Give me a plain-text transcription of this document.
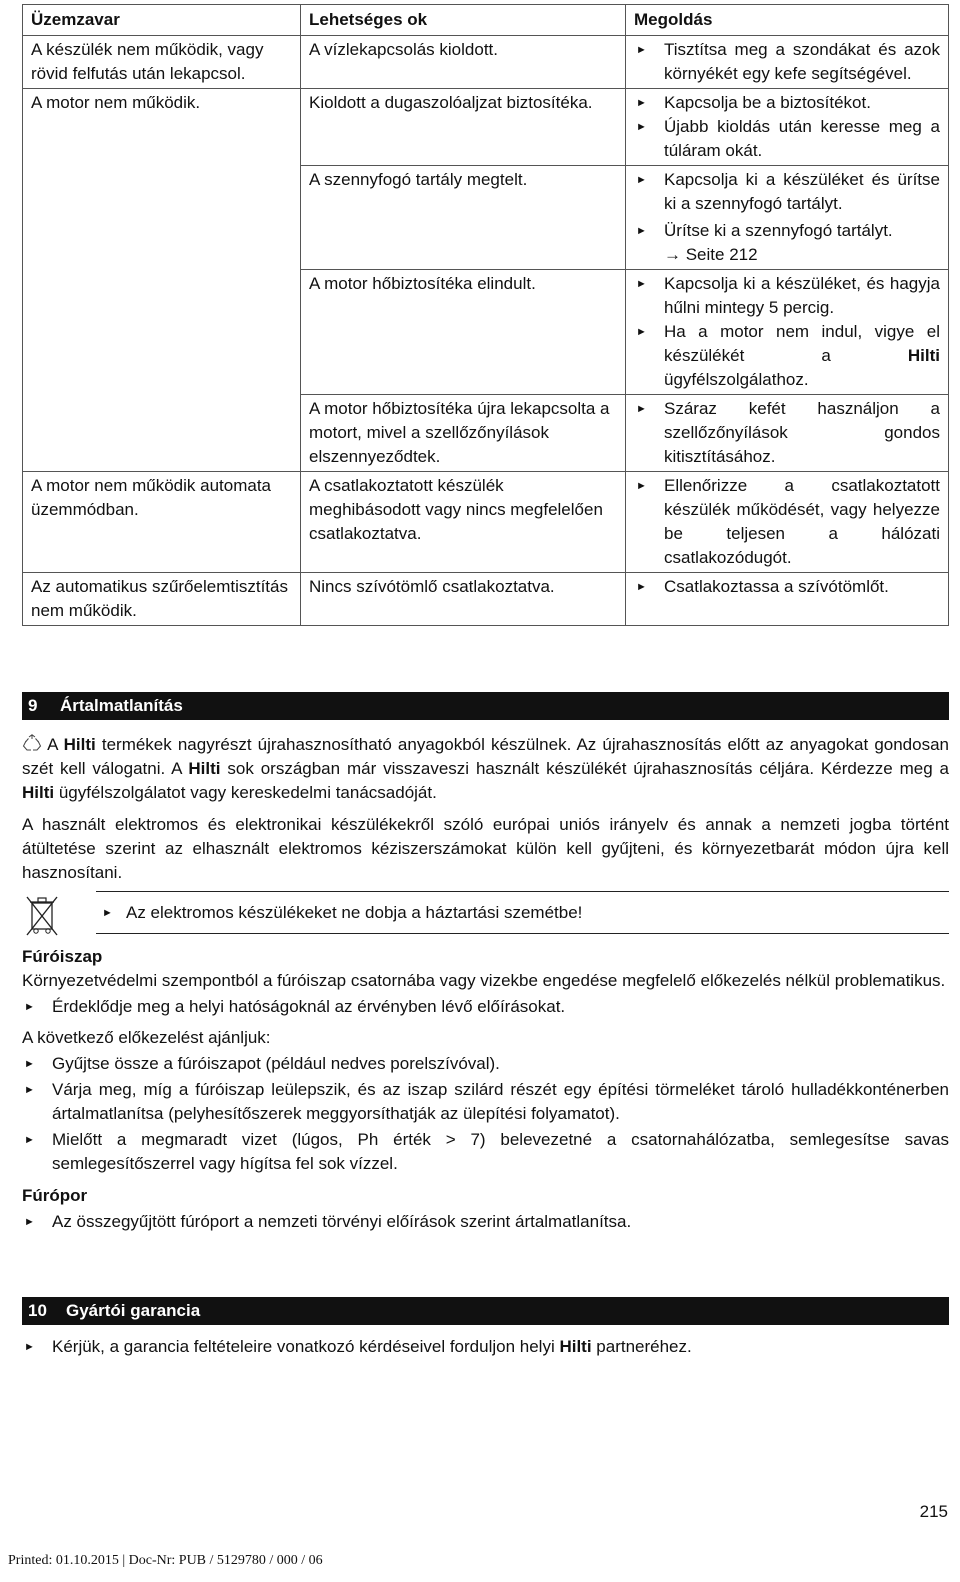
Üzemzavar	Lehetséges ok	Megoldás
A készülék nem működik, vagy rövid felfutás után lekapcsol.	A vízlekapcsolás kioldott.	► Tisztítsa meg a szondákat és azok környékét egy kefe segítségével.

A motor nem működik.	Kioldott a dugaszolóaljzat biztosítéka.	► Kapcsolja be a biztosítékot.
► Újabb kioldás után keresse meg a túláram okát.

	A szennyfogó tartály megtelt.	► Kapcsolja ki a készüléket és ürítse ki a szennyfogó tartályt.
► Ürítse ki a szennyfogó tartályt.
→ Seite 212

	A motor hőbiztosítéka elindult.	► Kapcsolja ki a készüléket, és hagyja hűlni mintegy 5 percig.
► Ha a motor nem indul, vigye el készülékét a Hilti ügyfélszolgálathoz.

	A motor hőbiztosítéka újra lekapcsolta a motort, mivel a szellőzőnyílások elszennyeződtek.	► Száraz kefét használjon a szellőzőnyílások gondos kitisztításához.

A motor nem működik automata üzemmódban.	A csatlakoztatott készülék meghibásodott vagy nincs megfelelően csatlakoztatva.	► Ellenőrizze a csatlakoztatott készülék működését, vagy helyezze be teljesen a hálózati csatlakozódugót.

Az automatikus szűrőelemtisztítás nem működik.	Nincs szívótömlő csatlakoztatva.	► Csatlakoztassa a szívótömlőt.
9 Ártalmatlanítás

A Hilti termékek nagyrészt újrahasznosítható anyagokból készülnek. Az újrahasznosítás előtt az anyagokat gondosan szét kell válogatni. A Hilti sok országban már visszaveszi használt készülékét újrahasznosítás céljára. Kérdezze meg a Hilti ügyfélszolgálatot vagy kereskedelmi tanácsadóját.

A használt elektromos és elektronikai készülékekről szóló európai uniós irányelv és annak a nemzeti jogba történt átültetése szerint az elhasznált elektromos kéziszerszámokat külön kell gyűjteni, és környezetbarát módon újra kell hasznosítani.

► Az elektromos készülékeket ne dobja a háztartási szemétbe!

Fúróiszap

Környezetvédelmi szempontból a fúróiszap csatornába vagy vizekbe engedése megfelelő előkezelés nélkül problematikus.

► Érdeklődje meg a helyi hatóságoknál az érvényben lévő előírásokat.

A következő előkezelést ajánljuk:

► Gyűjtse össze a fúróiszapot (például nedves porelszívóval).
► Várja meg, míg a fúróiszap leülepszik, és az iszap szilárd részét egy építési törmeléket tároló hulladékkonténerben ártalmatlanítsa (pelyhesítőszerek meggyorsíthatják az ülepítési folyamatot).
► Mielőtt a megmaradt vizet (lúgos, Ph érték > 7) belevezetné a csatornahálózatba, semlegesítse savas semlegesítőszerrel vagy hígítsa fel sok vízzel.

Fúrópor

► Az összegyűjtött fúróport a nemzeti törvényi előírások szerint ártalmatlanítsa.
10 Gyártói garancia
► Kérjük, a garancia feltételeire vonatkozó kérdéseivel forduljon helyi Hilti partneréhez.
215
Printed: 01.10.2015 | Doc-Nr: PUB / 5129780 / 000 / 06
